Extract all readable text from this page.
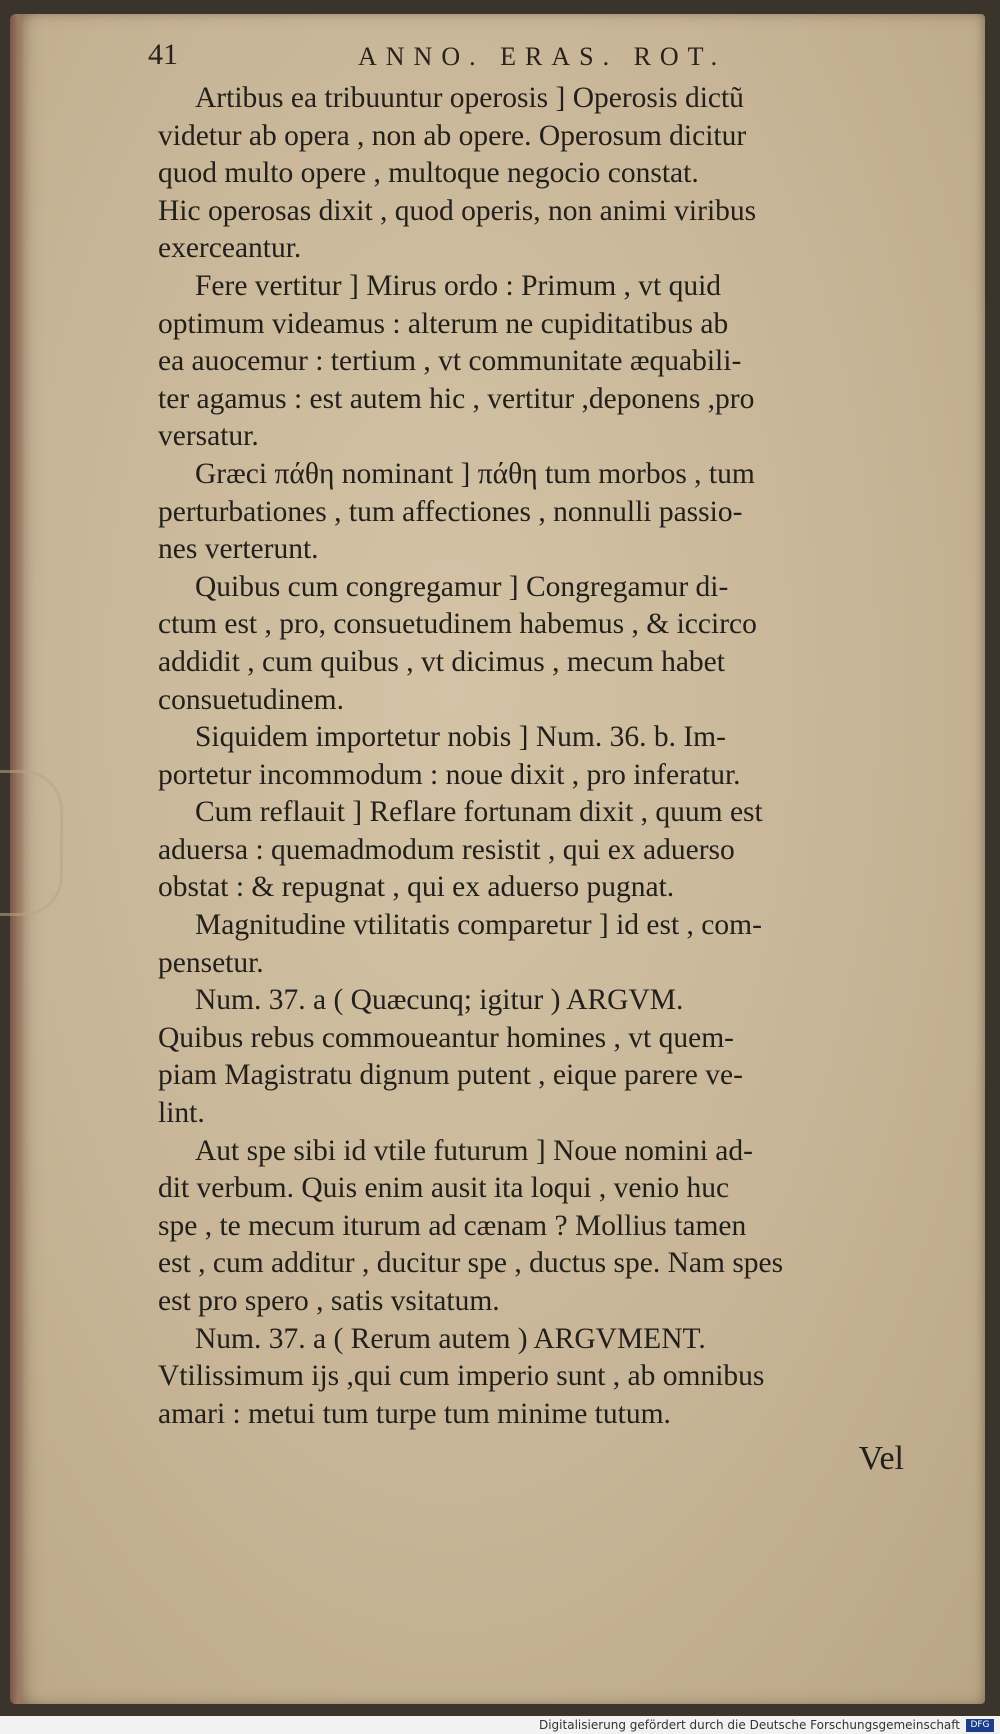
41	ANNO. ERAS. ROT.
Artibus ea tribuuntur operosis ] Operosis dictũ
videtur ab opera , non ab opere. Operosum dicitur
quod multo opere , multoque negocio constat.
Hic operosas dixit , quod operis, non animi viribus
exerceantur.
Fere vertitur ] Mirus ordo : Primum , vt quid
optimum videamus : alterum ne cupiditatibus ab
ea auocemur : tertium , vt communitate æquabili-
ter agamus : est autem hic , vertitur ,deponens ,pro
versatur.
Græci πάθη nominant ] πάθη tum morbos , tum
perturbationes , tum affectiones , nonnulli passio-
nes verterunt.
Quibus cum congregamur ] Congregamur di-
ctum est , pro, consuetudinem habemus , & iccirco
addidit , cum quibus , vt dicimus , mecum habet
consuetudinem.
Siquidem importetur nobis ] Num. 36. b. Im-
portetur incommodum : noue dixit , pro inferatur.
Cum reflauit ] Reflare fortunam dixit , quum est
aduersa : quemadmodum resistit , qui ex aduerso
obstat : & repugnat , qui ex aduerso pugnat.
Magnitudine vtilitatis comparetur ] id est , com-
pensetur.
Num. 37. a ( Quæcunq; igitur ) ARGVM.
Quibus rebus commoueantur homines , vt quem-
piam Magistratu dignum putent , eique parere ve-
lint.
Aut spe sibi id vtile futurum ] Noue nomini ad-
dit verbum. Quis enim ausit ita loqui , venio huc
spe , te mecum iturum ad cænam ? Mollius tamen
est , cum additur , ducitur spe , ductus spe. Nam spes
est pro spero , satis vsitatum.
Num. 37. a ( Rerum autem ) ARGVMENT.
Vtilissimum ijs ,qui cum imperio sunt , ab omnibus
amari : metui tum turpe tum minime tutum.
Vel
Digitalisierung gefördert durch die Deutsche Forschungsgemeinschaft	DFG
